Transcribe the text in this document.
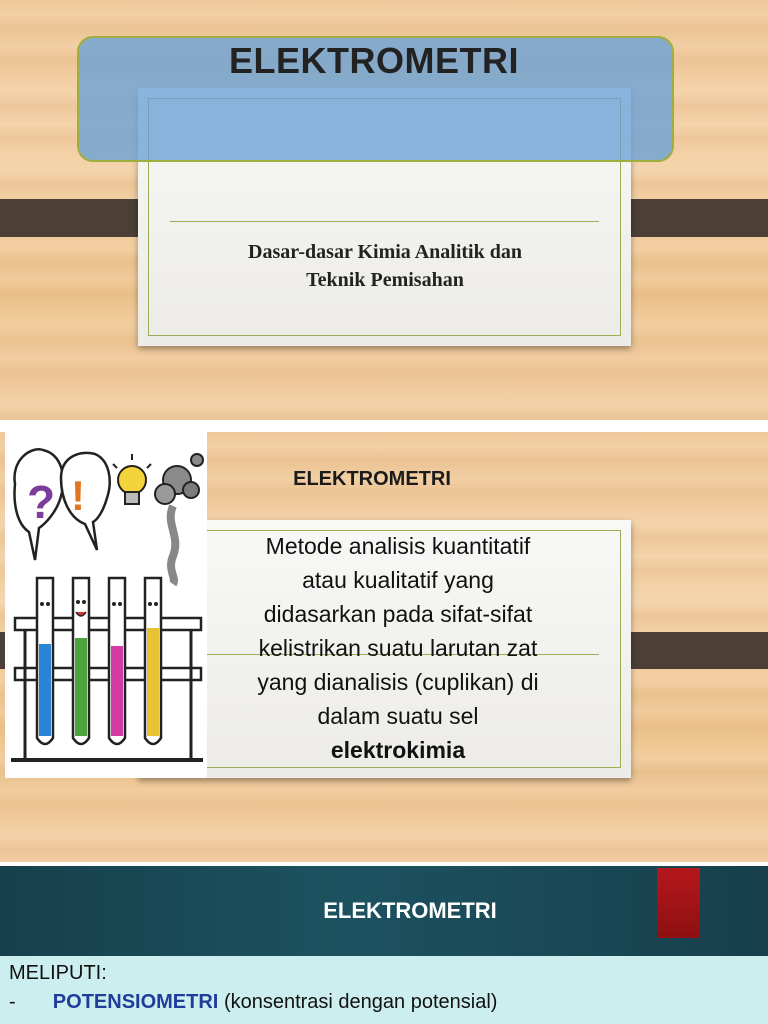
ELEKTROMETRI
Dasar-dasar Kimia Analitik dan
Teknik Pemisahan
ELEKTROMETRI
? !
Metode analisis kuantitatif
atau kualitatif yang
didasarkan pada sifat-sifat
kelistrikan suatu larutan zat
yang dianalisis (cuplikan) di
dalam suatu sel
elektrokimia
ELEKTROMETRI
MELIPUTI:
- POTENSIOMETRI (konsentrasi dengan potensial)
